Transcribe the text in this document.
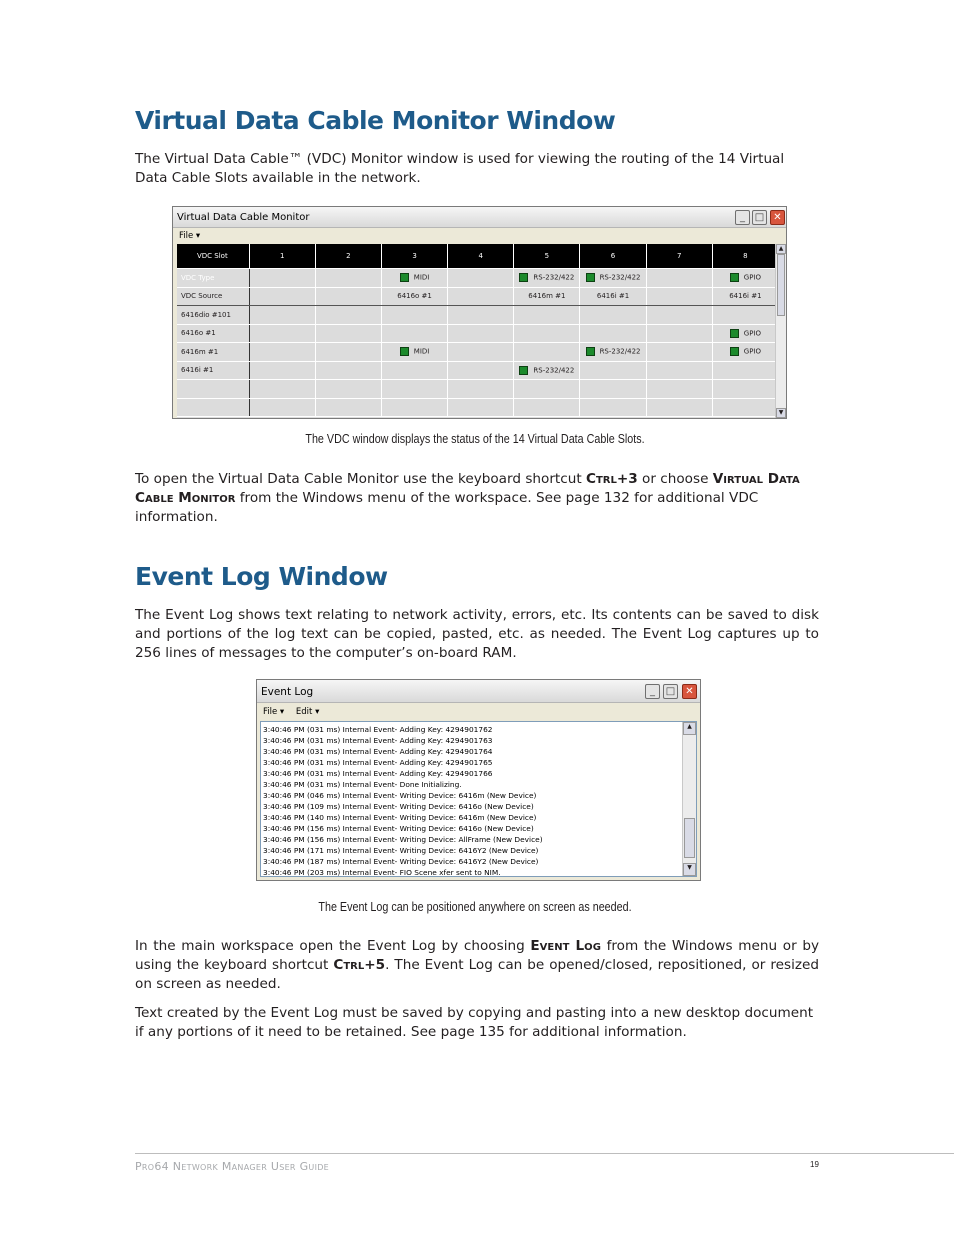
Virtual Data Cable Monitor Window

The Virtual Data Cable™ (VDC) Monitor window is used for viewing the routing of the 14 Virtual Data Cable Slots available in the network.

Virtual Data Cable Monitor	_ □ ✕
File ▾
VDC Slot	1	2	3	4	5	6	7	8
VDC Type			MIDI		RS-232/422	RS-232/422		GPIO
VDC Source			6416o #1		6416m #1	6416i #1		6416i #1
6416dio #101								
6416o #1								GPIO
6416m #1			MIDI			RS-232/422		GPIO
6416i #1					RS-232/422			

▲
▼

The VDC window displays the status of the 14 Virtual Data Cable Slots.

To open the Virtual Data Cable Monitor use the keyboard shortcut Ctrl+3 or choose Virtual Data Cable Monitor from the Windows menu of the workspace. See page 132 for additional VDC information.

Event Log Window

The Event Log shows text relating to network activity, errors, etc. Its contents can be saved to disk and portions of the log text can be copied, pasted, etc. as needed. The Event Log captures up to 256 lines of messages to the computer’s on-board RAM.

Event Log	_	□	✕
File ▾ Edit ▾
3:40:46 PM (031 ms) Internal Event- Adding Key: 4294901762
3:40:46 PM (031 ms) Internal Event- Adding Key: 4294901763
3:40:46 PM (031 ms) Internal Event- Adding Key: 4294901764
3:40:46 PM (031 ms) Internal Event- Adding Key: 4294901765
3:40:46 PM (031 ms) Internal Event- Adding Key: 4294901766
3:40:46 PM (031 ms) Internal Event- Done Initializing.
3:40:46 PM (046 ms) Internal Event- Writing Device: 6416m (New Device)
3:40:46 PM (109 ms) Internal Event- Writing Device: 6416o (New Device)
3:40:46 PM (140 ms) Internal Event- Writing Device: 6416m (New Device)
3:40:46 PM (156 ms) Internal Event- Writing Device: 6416o (New Device)
3:40:46 PM (156 ms) Internal Event- Writing Device: AllFrame (New Device)
3:40:46 PM (171 ms) Internal Event- Writing Device: 6416Y2 (New Device)
3:40:46 PM (187 ms) Internal Event- Writing Device: 6416Y2 (New Device)
3:40:46 PM (203 ms) Internal Event- FIO Scene xfer sent to NIM.
▲
▼

The Event Log can be positioned anywhere on screen as needed.

In the main workspace open the Event Log by choosing Event Log from the Windows menu or by using the keyboard shortcut Ctrl+5. The Event Log can be opened/closed, repositioned, or resized on screen as needed.

Text created by the Event Log must be saved by copying and pasting into a new desktop document if any portions of it need to be retained. See page 135 for additional information.

Pro64 Network Manager User Guide	19
